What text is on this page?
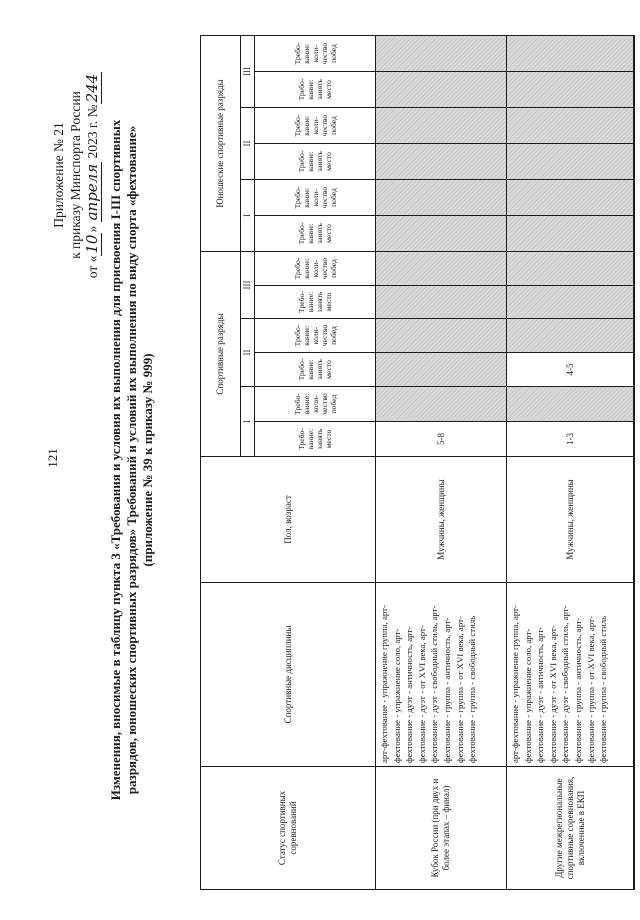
121
Приложение № 21 к приказу Минспорта России
от «10» апреля 2023 г. №244
Изменения, вносимые в таблицу пункта 3 «Требования и условия их выполнения для присвоения I-III спортивных разрядов, юношеских спортивных разрядов» Требований и условий их выполнения по виду спорта «фехтование» (приложение № 39 к приказу № 999)
Статус спортивных соревнований
Спортивные дисциплины
Пол, возраст
Спортивные разряды
Юношеские спортивные разряды
I
II
III
I
II
III
Требо-вание: занять место
Требо-вание: коли-чество побед
Требо-вание: занять место
Требо-вание: коли-чество побед
Требо-вание: занять место
Требо-вание: коли-чество побед
Требо-вание: занять место
Требо-вание: коли-чество побед
Требо-вание: занять место
Требо-вание: коли-чество побед
Требо-вание: занять место
Требо-вание: коли-чество побед
Кубок России (при двух и более этапах – финал)
арт-фехтование - упражнение группа, арт-фехтование - упражнение соло, арт-фехтование - дуэт - античность, арт-фехтование - дуэт - от XVI века, арт-фехтование - дуэт - свободный стиль, арт-фехтование - группа - античность, арт-фехтование - группа - от XVI века, арт-фехтование - группа - свободный стиль
Мужчины, женщины
5-8
Другие межрегиональные спортивные соревнования, включенные в ЕКП
арт-фехтование - упражнение группа, арт-фехтование - упражнение соло, арт-фехтование - дуэт - античность, арт-фехтование - дуэт - от XVI века, арт-фехтование - дуэт - свободный стиль, арт-фехтование - группа - античность, арт-фехтование - группа - от XVI века, арт-фехтование - группа - свободный стиль
Мужчины, женщины
1-3
4-5
